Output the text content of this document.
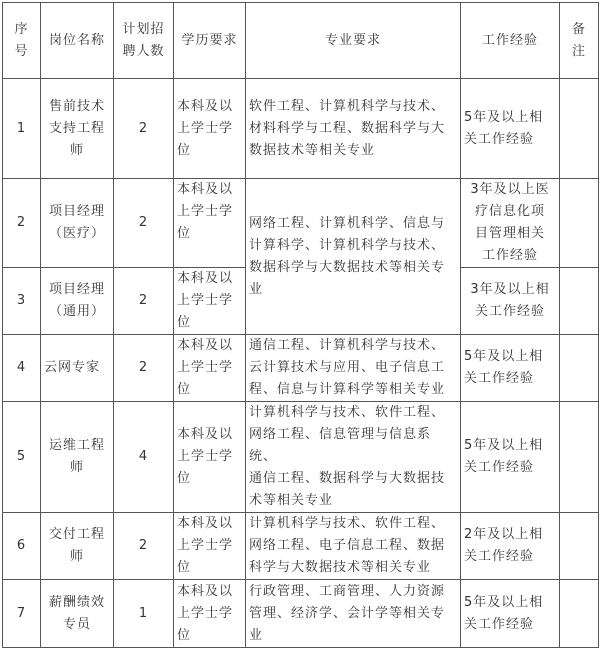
序
号	岗位名称	计划招
聘人数	学历要求	专业要求	工作经验	备
注

1	售前技术
支持工程
师	2	本科及以
上学士学
位	软件工程、计算机科学与技术、
材料科学与工程、数据科学与大
数据技术等相关专业	5年及以上相
关工作经验	

2	项目经理
（医疗）	2	本科及以
上学士学
位	网络工程、计算机科学、信息与
计算科学、计算机科学与技术、
数据科学与大数据技术等相关专
业	3年及以上医
疗信息化项
目管理相关
工作经验	

3	项目经理
（通用）	2	本科及以
上学士学
位		3年及以上相
关工作经验	

4	云网专家	2	本科及以
上学士学
位	通信工程、计算机科学与技术、
云计算技术与应用、电子信息工
程、信息与计算科学等相关专业	5年及以上相
关工作经验	

5	运维工程
师	4	本科及以
上学士学
位	计算机科学与技术、软件工程、
网络工程、信息管理与信息系统、
通信工程、数据科学与大数据技
术等相关专业	5年及以上相
关工作经验	

6	交付工程
师	2	本科及以
上学士学
位	计算机科学与技术、软件工程、
网络工程、电子信息工程、数据
科学与大数据技术等相关专业	2年及以上相
关工作经验	

7	薪酬绩效
专员	1	本科及以
上学士学
位	行政管理、工商管理、人力资源
管理、经济学、会计学等相关专
业	5年及以上相
关工作经验	
